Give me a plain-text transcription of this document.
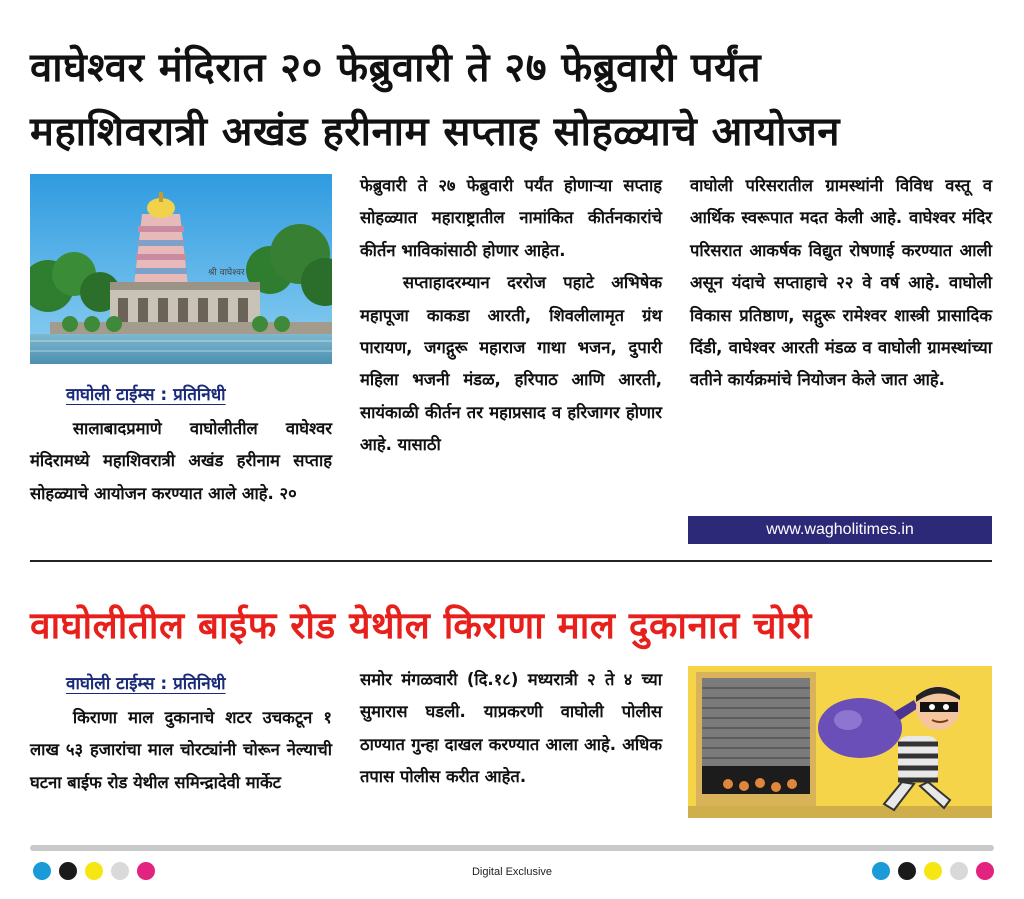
वाघेश्वर मंदिरात २० फेब्रुवारी ते २७ फेब्रुवारी पर्यंत
महाशिवरात्री अखंड हरीनाम सप्ताह सोहळ्याचे आयोजन
श्री वाघेश्वर
वाघोली टाईम्स : प्रतिनिधी

सालाबादप्रमाणे वाघोलीतील वाघेश्वर मंदिरामध्ये महाशिवरात्री अखंड हरीनाम सप्ताह सोहळ्याचे आयोजन करण्यात आले आहे. २०

फेब्रुवारी ते २७ फेब्रुवारी पर्यंत होणाऱ्या सप्ताह सोहळ्यात महाराष्ट्रातील नामांकित कीर्तनकारांचे कीर्तन भाविकांसाठी होणार आहेत.

सप्ताहादरम्यान दररोज पहाटे अभिषेक महापूजा काकडा आरती, शिवलीलामृत ग्रंथ पारायण, जगद्गुरू महाराज गाथा भजन, दुपारी महिला भजनी मंडळ, हरिपाठ आणि आरती, सायंकाळी कीर्तन तर महाप्रसाद व हरिजागर होणार आहे. यासाठी

वाघोली परिसरातील ग्रामस्थांनी विविध वस्तू व आर्थिक स्वरूपात मदत केली आहे. वाघेश्वर मंदिर परिसरात आकर्षक विद्युत रोषणाई करण्यात आली असून यंदाचे सप्ताहाचे २२ वे वर्ष आहे. वाघोली विकास प्रतिष्ठाण, सद्गुरू रामेश्वर शास्त्री प्रासादिक दिंडी, वाघेश्वर आरती मंडळ व वाघोली ग्रामस्थांच्या वतीने कार्यक्रमांचे नियोजन केले जात आहे.

www.wagholitimes.in
वाघोलीतील बाईफ रोड येथील किराणा माल दुकानात चोरी
वाघोली टाईम्स : प्रतिनिधी

किराणा माल दुकानाचे शटर उचकटून १ लाख ५३ हजारांचा माल चोरट्यांनी चोरून नेल्याची घटना बाईफ रोड येथील समिन्द्रादेवी मार्केट

समोर मंगळवारी (दि.१८) मध्यरात्री २ ते ४ च्या सुमारास घडली. याप्रकरणी वाघोली पोलीस ठाण्यात गुन्हा दाखल करण्यात आला आहे. अधिक तपास पोलीस करीत आहेत.

Digital Exclusive
